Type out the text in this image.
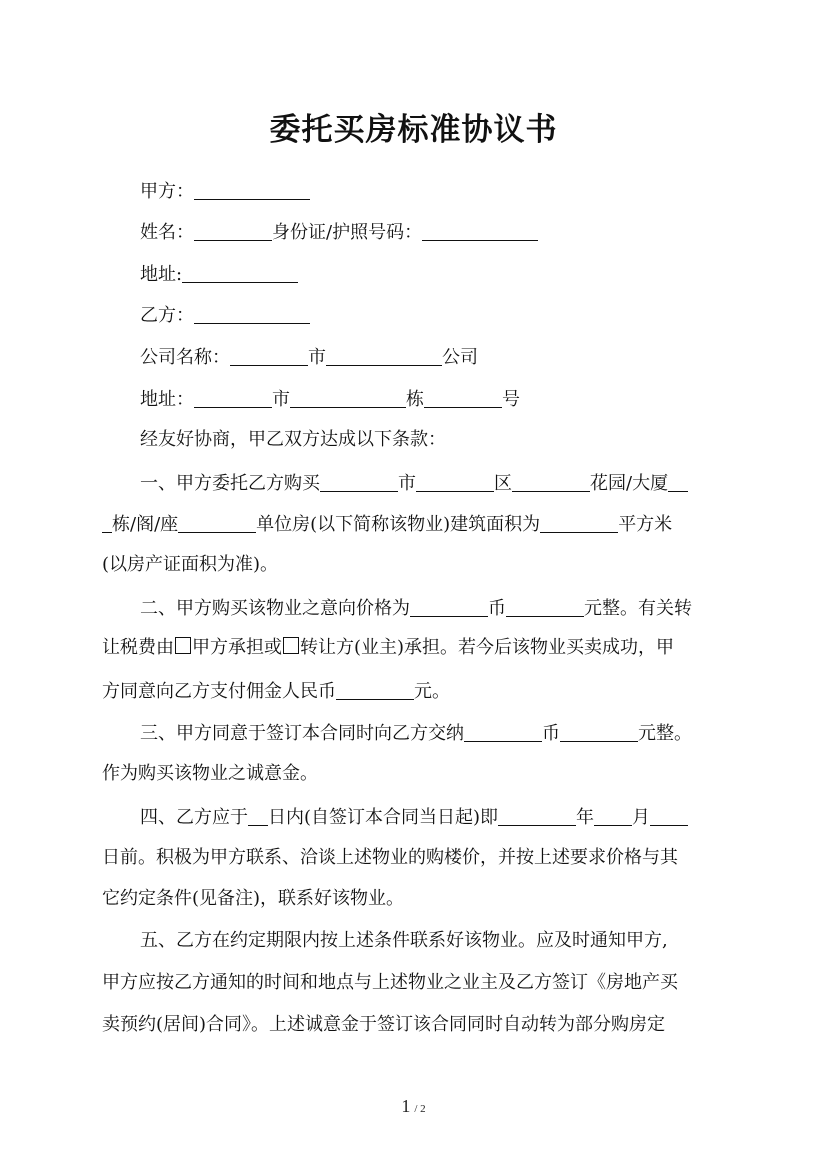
委托买房标准协议书
甲方：
姓名：	身份证/护照号码：
地址:
乙方：
公司名称：	市	公司
地址：	市	栋	号
经友好协商，甲乙双方达成以下条款：
一、甲方委托乙方购买	市	区	花园/大厦
栋/阁/座	单位房(以下简称该物业)建筑面积为	平方米
(以房产证面积为准)。
二、甲方购买该物业之意向价格为	币	元整。有关转
让税费由 甲方承担或 转让方(业主)承担。若今后该物业买卖成功，甲
方同意向乙方支付佣金人民币	元。
三、甲方同意于签订本合同时向乙方交纳	币	元整。
作为购买该物业之诚意金。
四、乙方应于 日内(自签订本合同当日起)即	年 月
日前。积极为甲方联系、洽谈上述物业的购楼价，并按上述要求价格与其
它约定条件(见备注)，联系好该物业。
五、乙方在约定期限内按上述条件联系好该物业。应及时通知甲方,
甲方应按乙方通知的时间和地点与上述物业之业主及乙方签订《房地产买
卖预约(居间)合同》。上述诚意金于签订该合同同时自动转为部分购房定
1 / 2
